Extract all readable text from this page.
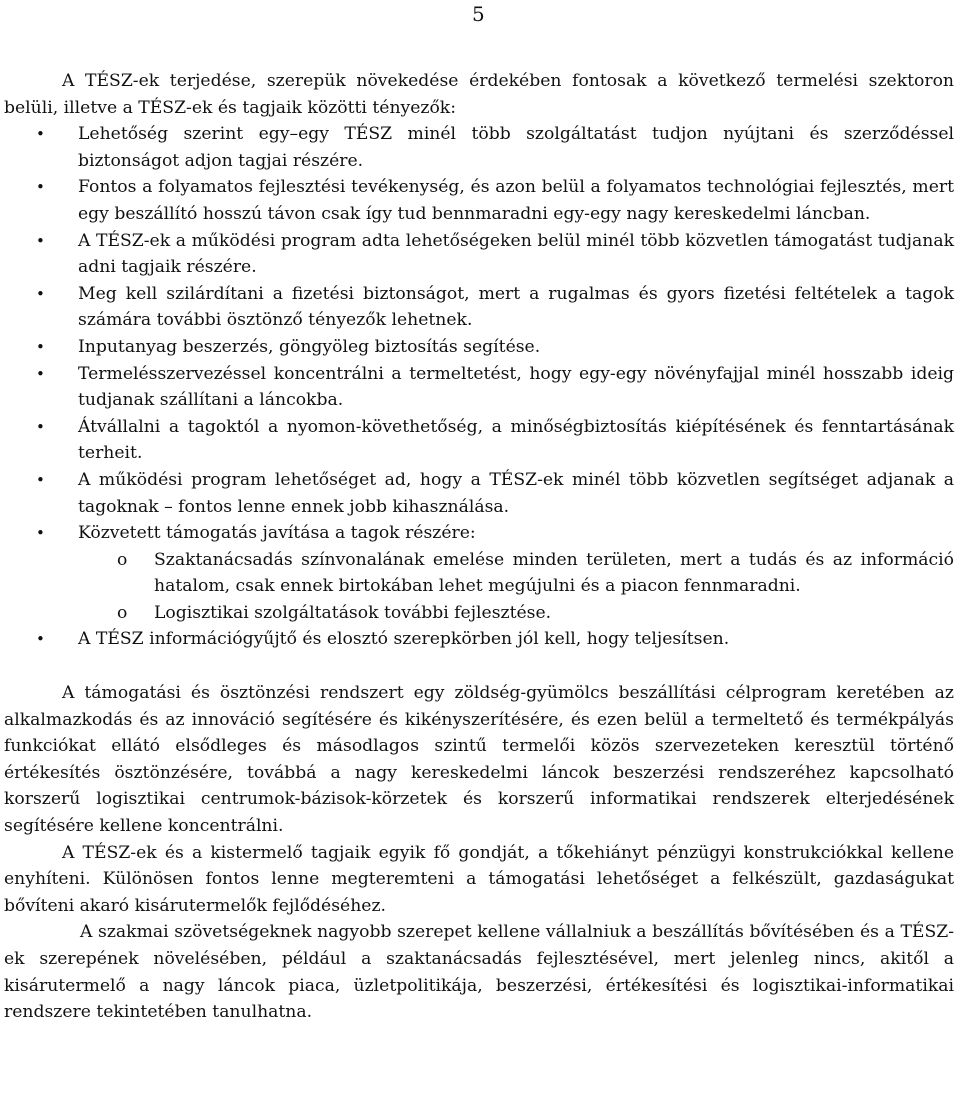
5

A TÉSZ-ek terjedése, szerepük növekedése érdekében fontosak a következő termelési szektoron belüli, illetve a TÉSZ-ek és tagjaik közötti tényezők:

• Lehetőség szerint egy–egy TÉSZ minél több szolgáltatást tudjon nyújtani és szerződéssel biztonságot adjon tagjai részére.
• Fontos a folyamatos fejlesztési tevékenység, és azon belül a folyamatos technológiai fejlesztés, mert egy beszállító hosszú távon csak így tud bennmaradni egy-egy nagy kereskedelmi láncban.
• A TÉSZ-ek a működési program adta lehetőségeken belül minél több közvetlen támogatást tudjanak adni tagjaik részére.
• Meg kell szilárdítani a fizetési biztonságot, mert a rugalmas és gyors fizetési feltételek a tagok számára további ösztönző tényezők lehetnek.
• Inputanyag beszerzés, göngyöleg biztosítás segítése.
• Termelésszervezéssel koncentrálni a termeltetést, hogy egy-egy növényfajjal minél hosszabb ideig tudjanak szállítani a láncokba.
• Átvállalni a tagoktól a nyomon-követhetőség, a minőségbiztosítás kiépítésének és fenntartásának terheit.
• A működési program lehetőséget ad, hogy a TÉSZ-ek minél több közvetlen segítséget adjanak a tagoknak – fontos lenne ennek jobb kihasználása.
• Közvetett támogatás javítása a tagok részére:
o Szaktanácsadás színvonalának emelése minden területen, mert a tudás és az információ hatalom, csak ennek birtokában lehet megújulni és a piacon fennmaradni.
o Logisztikai szolgáltatások további fejlesztése.
• A TÉSZ információgyűjtő és elosztó szerepkörben jól kell, hogy teljesítsen.

A támogatási és ösztönzési rendszert egy zöldség-gyümölcs beszállítási célprogram keretében az alkalmazkodás és az innováció segítésére és kikényszerítésére, és ezen belül a termeltető és termékpályás funkciókat ellátó elsődleges és másodlagos szintű termelői közös szervezeteken keresztül történő értékesítés ösztönzésére, továbbá a nagy kereskedelmi láncok beszerzési rendszeréhez kapcsolható korszerű logisztikai centrumok-bázisok-körzetek és korszerű informatikai rendszerek elterjedésének segítésére kellene koncentrálni.

A TÉSZ-ek és a kistermelő tagjaik egyik fő gondját, a tőkehiányt pénzügyi konstrukciókkal kellene enyhíteni. Különösen fontos lenne megteremteni a támogatási lehetőséget a felkészült, gazdaságukat bővíteni akaró kisárutermelők fejlődéséhez.

A szakmai szövetségeknek nagyobb szerepet kellene vállalniuk a beszállítás bővítésében és a TÉSZ-ek szerepének növelésében, például a szaktanácsadás fejlesztésével, mert jelenleg nincs, akitől a kisárutermelő a nagy láncok piaca, üzletpolitikája, beszerzési, értékesítési és logisztikai-informatikai rendszere tekintetében tanulhatna.
